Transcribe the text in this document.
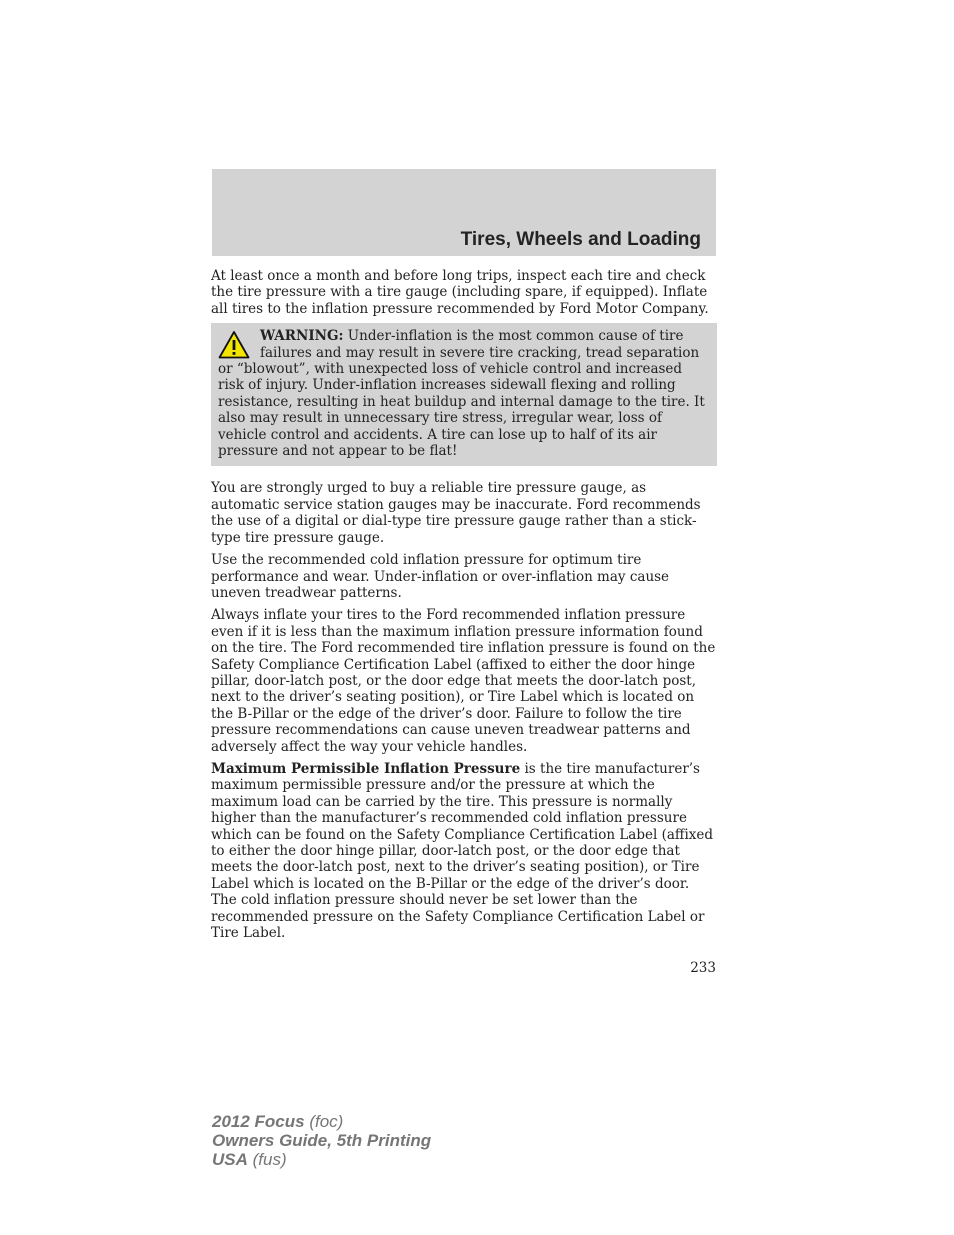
Tires, Wheels and Loading

At least once a month and before long trips, inspect each tire and check the tire pressure with a tire gauge (including spare, if equipped). Inflate all tires to the inflation pressure recommended by Ford Motor Company.

WARNING: Under-inflation is the most common cause of tire failures and may result in severe tire cracking, tread separation or “blowout”, with unexpected loss of vehicle control and increased risk of injury. Under-inflation increases sidewall flexing and rolling resistance, resulting in heat buildup and internal damage to the tire. It also may result in unnecessary tire stress, irregular wear, loss of vehicle control and accidents. A tire can lose up to half of its air pressure and not appear to be flat!

You are strongly urged to buy a reliable tire pressure gauge, as automatic service station gauges may be inaccurate. Ford recommends the use of a digital or dial-type tire pressure gauge rather than a stick-type tire pressure gauge.

Use the recommended cold inflation pressure for optimum tire performance and wear. Under-inflation or over-inflation may cause uneven treadwear patterns.

Always inflate your tires to the Ford recommended inflation pressure even if it is less than the maximum inflation pressure information found on the tire. The Ford recommended tire inflation pressure is found on the Safety Compliance Certification Label (affixed to either the door hinge pillar, door-latch post, or the door edge that meets the door-latch post, next to the driver’s seating position), or Tire Label which is located on the B-Pillar or the edge of the driver’s door. Failure to follow the tire pressure recommendations can cause uneven treadwear patterns and adversely affect the way your vehicle handles.

Maximum Permissible Inflation Pressure is the tire manufacturer’s maximum permissible pressure and/or the pressure at which the maximum load can be carried by the tire. This pressure is normally higher than the manufacturer’s recommended cold inflation pressure which can be found on the Safety Compliance Certification Label (affixed to either the door hinge pillar, door-latch post, or the door edge that meets the door-latch post, next to the driver’s seating position), or Tire Label which is located on the B-Pillar or the edge of the driver’s door. The cold inflation pressure should never be set lower than the recommended pressure on the Safety Compliance Certification Label or Tire Label.

233
2012 Focus (foc)
Owners Guide, 5th Printing
USA (fus)
